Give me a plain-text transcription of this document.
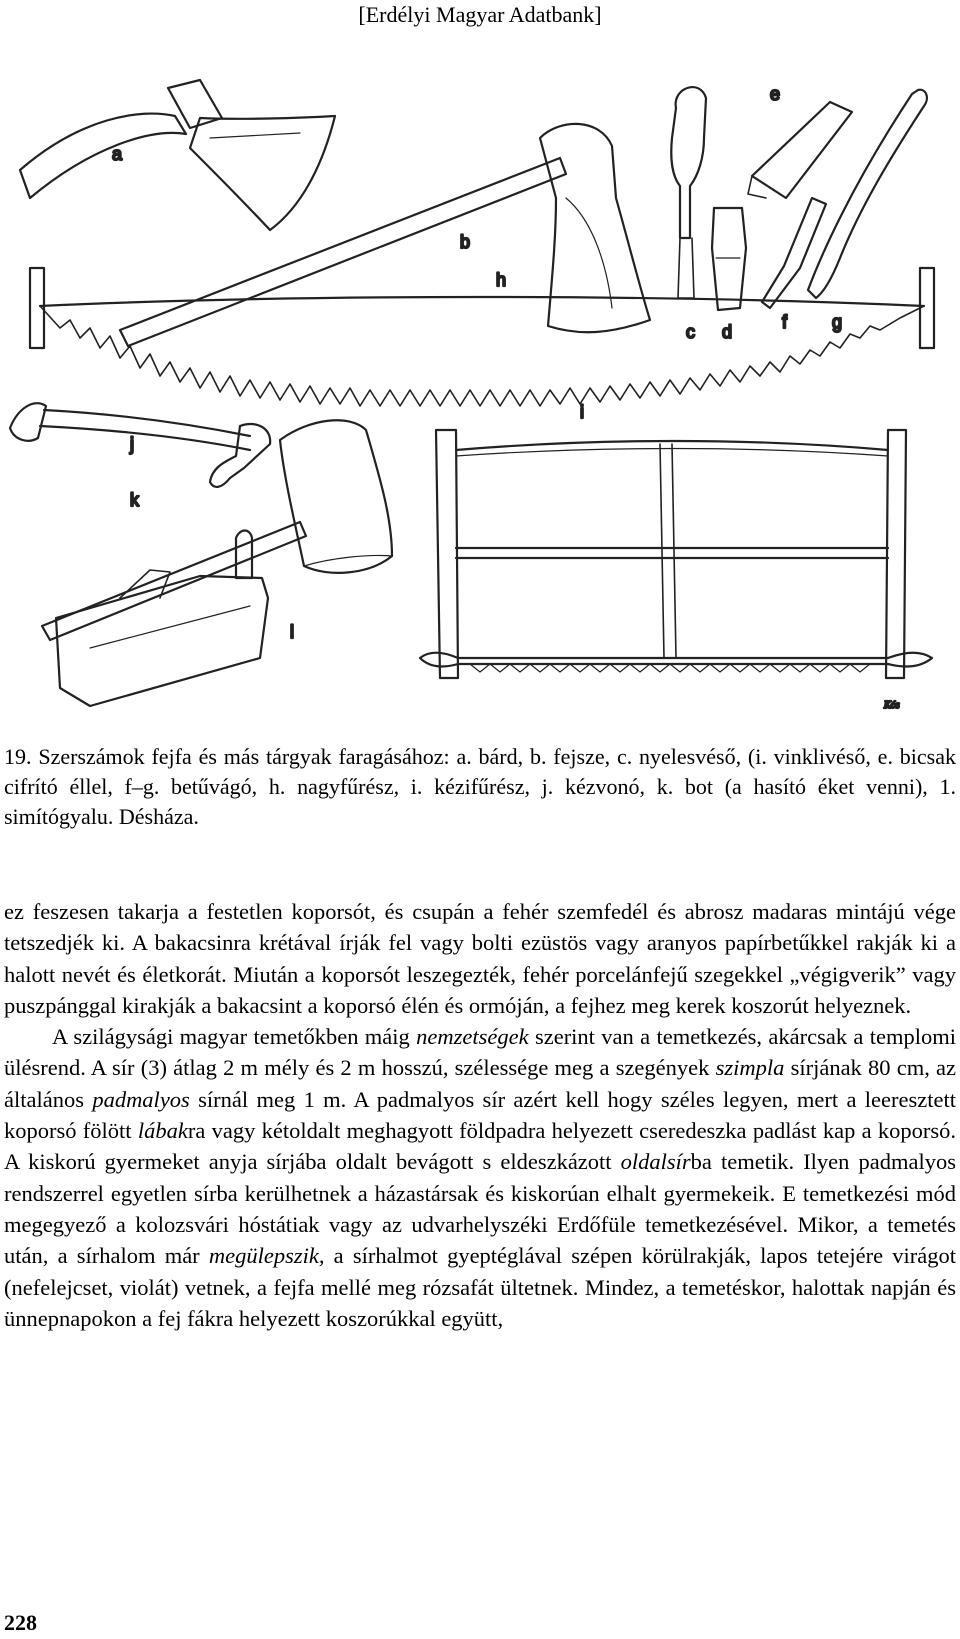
[Erdélyi Magyar Adatbank]
a
b
c d
e
f g
h
i
j
k
l
Kós
19. Szerszámok fejfa és más tárgyak faragásához: a. bárd, b. fejsze, c. nyelesvéső, (i. vinklivéső, e. bicsak cifrító éllel, f–g. betűvágó, h. nagyfűrész, i. kézifűrész, j. kézvonó, k. bot (a hasító éket venni), 1. simítógyalu. Désháza.

ez feszesen takarja a festetlen koporsót, és csupán a fehér szemfedél és abrosz madaras mintájú vége tetszedjék ki. A bakacsinra krétával írják fel vagy bolti ezüstös vagy aranyos papírbetűkkel rakják ki a halott nevét és életkorát. Miután a koporsót leszegezték, fehér porcelánfejű szegekkel „végigverik” vagy puszpánggal kirakják a bakacsint a koporsó élén és ormóján, a fejhez meg kerek koszorút helyeznek.

A szilágysági magyar temetőkben máig nemzetségek szerint van a temetkezés, akárcsak a templomi ülésrend. A sír (3) átlag 2 m mély és 2 m hosszú, szélessége meg a szegények szimpla sírjának 80 cm, az általános padmalyos sírnál meg 1 m. A padmalyos sír azért kell hogy széles legyen, mert a leeresztett koporsó fölött lábakra vagy kétoldalt meghagyott földpadra helyezett cseredeszka padlást kap a koporsó. A kiskorú gyermeket anyja sírjába oldalt bevágott s eldeszkázott oldalsírba temetik. Ilyen padmalyos rendszerrel egyetlen sírba kerülhetnek a házastársak és kiskorúan elhalt gyermekeik. E temetkezési mód megegyező a kolozsvári hóstátiak vagy az udvarhelyszéki Erdőfüle temetkezésével. Mikor, a temetés után, a sírhalom már megülepszik, a sírhalmot gyeptéglával szépen körülrakják, lapos tetejére virágot (nefelejcset, violát) vetnek, a fejfa mellé meg rózsafát ültetnek. Mindez, a temetéskor, halottak napján és ünnepnapokon a fej fákra helyezett koszorúkkal együtt,

228
